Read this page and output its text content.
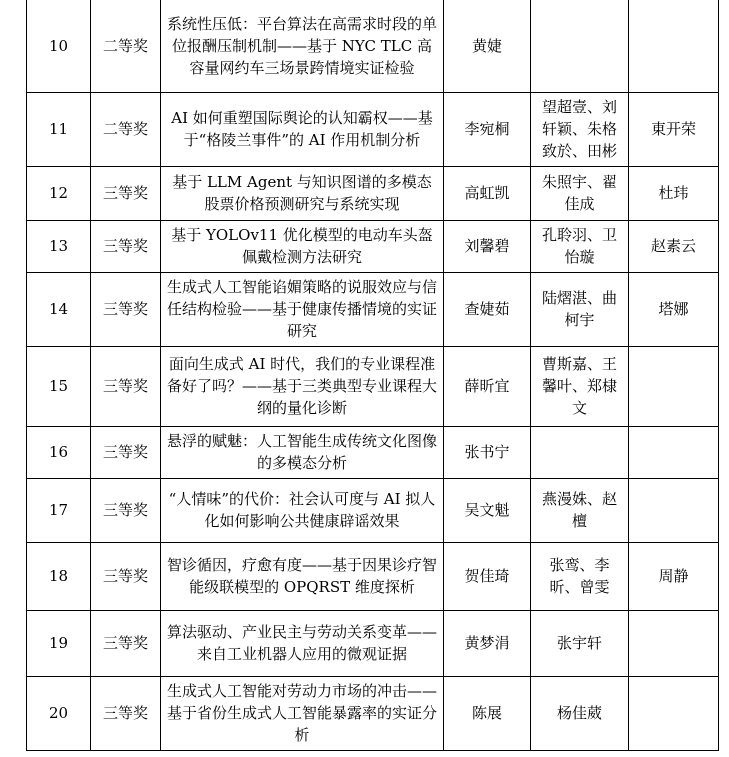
10	二等奖	系统性压低：平台算法在高需求时段的单位报酬压制机制——基于 NYC TLC 高容量网约车三场景跨情境实证检验	黄婕		
11	二等奖	AI 如何重塑国际舆论的认知霸权——基于“格陵兰事件”的 AI 作用机制分析	李宛桐	望超壹、刘轩颖、朱格致於、田彬	東开荣
12	三等奖	基于 LLM Agent 与知识图谱的多模态股票价格预测研究与系统实现	高虹凯	朱照宇、翟佳成	杜玮
13	三等奖	基于 YOLOv11 优化模型的电动车头盔佩戴检测方法研究	刘馨碧	孔聆羽、卫怡璇	赵素云
14	三等奖	生成式人工智能谄媚策略的说服效应与信任结构检验——基于健康传播情境的实证研究	查婕茹	陆熠湛、曲柯宇	塔娜
15	三等奖	面向生成式 AI 时代，我们的专业课程准备好了吗？——基于三类典型专业课程大纲的量化诊断	薛昕宜	曹斯嘉、王馨叶、郑棣文	
16	三等奖	悬浮的赋魅：人工智能生成传统文化图像的多模态分析	张书宁		
17	三等奖	“人情味”的代价：社会认可度与 AI 拟人化如何影响公共健康辟谣效果	吴文魁	燕漫姝、赵檀	
18	三等奖	智诊循因，疗愈有度——基于因果诊疗智能级联模型的 OPQRST 维度探析	贺佳琦	张鸾、李昕、曾雯	周静
19	三等奖	算法驱动、产业民主与劳动关系变革——来自工业机器人应用的微观证据	黄梦涓	张宇轩	
20	三等奖	生成式人工智能对劳动力市场的冲击——基于省份生成式人工智能暴露率的实证分析	陈展	杨佳葳	
